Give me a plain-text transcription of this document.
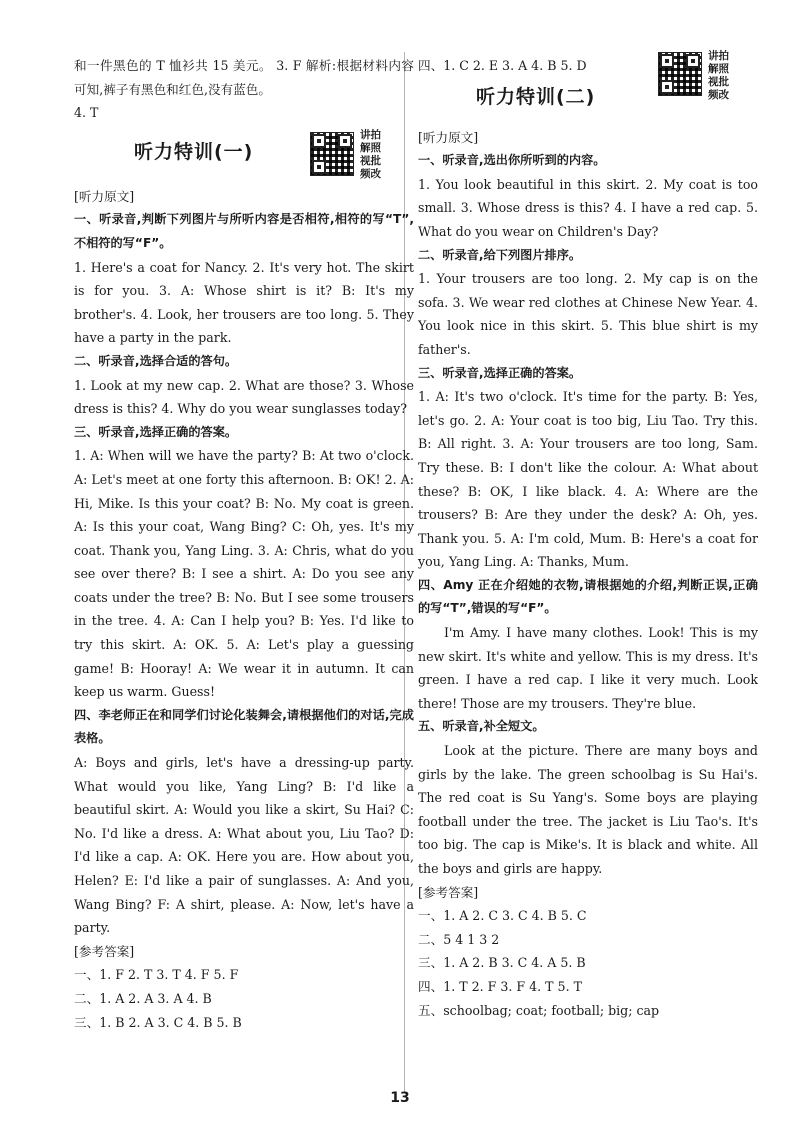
和一件黑色的 T 恤衫共 15 美元。 3. F 解析:根据材料内容可知,裤子有黑色和红色,没有蓝色。

4. T

听力特训(一)
讲拍
解照
视批
频改

[听力原文]

一、听录音,判断下列图片与所听内容是否相符,相符的写“T”,不相符的写“F”。

1. Here's a coat for Nancy. 2. It's very hot. The skirt is for you. 3. A: Whose shirt is it? B: It's my brother's. 4. Look, her trousers are too long. 5. They have a party in the park.

二、听录音,选择合适的答句。

1. Look at my new cap. 2. What are those? 3. Whose dress is this? 4. Why do you wear sunglasses today?

三、听录音,选择正确的答案。

1. A: When will we have the party? B: At two o'clock. A: Let's meet at one forty this afternoon. B: OK! 2. A: Hi, Mike. Is this your coat? B: No. My coat is green. A: Is this your coat, Wang Bing? C: Oh, yes. It's my coat. Thank you, Yang Ling. 3. A: Chris, what do you see over there? B: I see a shirt. A: Do you see any coats under the tree? B: No. But I see some trousers in the tree. 4. A: Can I help you? B: Yes. I'd like to try this skirt. A: OK. 5. A: Let's play a guessing game! B: Hooray! A: We wear it in autumn. It can keep us warm. Guess!

四、李老师正在和同学们讨论化装舞会,请根据他们的对话,完成表格。

A: Boys and girls, let's have a dressing-up party. What would you like, Yang Ling? B: I'd like a beautiful skirt. A: Would you like a skirt, Su Hai? C: No. I'd like a dress. A: What about you, Liu Tao? D: I'd like a cap. A: OK. Here you are. How about you, Helen? E: I'd like a pair of sunglasses. A: And you, Wang Bing? F: A shirt, please. A: Now, let's have a party.

[参考答案]

一、1. F 2. T 3. T 4. F 5. F

二、1. A 2. A 3. A 4. B

三、1. B 2. A 3. C 4. B 5. B

四、1. C 2. E 3. A 4. B 5. D

听力特训(二)
讲拍
解照
视批
频改

[听力原文]

一、听录音,选出你所听到的内容。

1. You look beautiful in this skirt. 2. My coat is too small. 3. Whose dress is this? 4. I have a red cap. 5. What do you wear on Children's Day?

二、听录音,给下列图片排序。

1. Your trousers are too long. 2. My cap is on the sofa. 3. We wear red clothes at Chinese New Year. 4. You look nice in this skirt. 5. This blue shirt is my father's.

三、听录音,选择正确的答案。

1. A: It's two o'clock. It's time for the party. B: Yes, let's go. 2. A: Your coat is too big, Liu Tao. Try this. B: All right. 3. A: Your trousers are too long, Sam. Try these. B: I don't like the colour. A: What about these? B: OK, I like black. 4. A: Where are the trousers? B: Are they under the desk? A: Oh, yes. Thank you. 5. A: I'm cold, Mum. B: Here's a coat for you, Yang Ling. A: Thanks, Mum.

四、Amy 正在介绍她的衣物,请根据她的介绍,判断正误,正确的写“T”,错误的写“F”。

I'm Amy. I have many clothes. Look! This is my new skirt. It's white and yellow. This is my dress. It's green. I have a red cap. I like it very much. Look there! Those are my trousers. They're blue.

五、听录音,补全短文。

Look at the picture. There are many boys and girls by the lake. The green schoolbag is Su Hai's. The red coat is Su Yang's. Some boys are playing football under the tree. The jacket is Liu Tao's. It's too big. The cap is Mike's. It is black and white. All the boys and girls are happy.

[参考答案]

一、1. A 2. C 3. C 4. B 5. C

二、5 4 1 3 2

三、1. A 2. B 3. C 4. A 5. B

四、1. T 2. F 3. F 4. T 5. T

五、schoolbag; coat; football; big; cap

13
